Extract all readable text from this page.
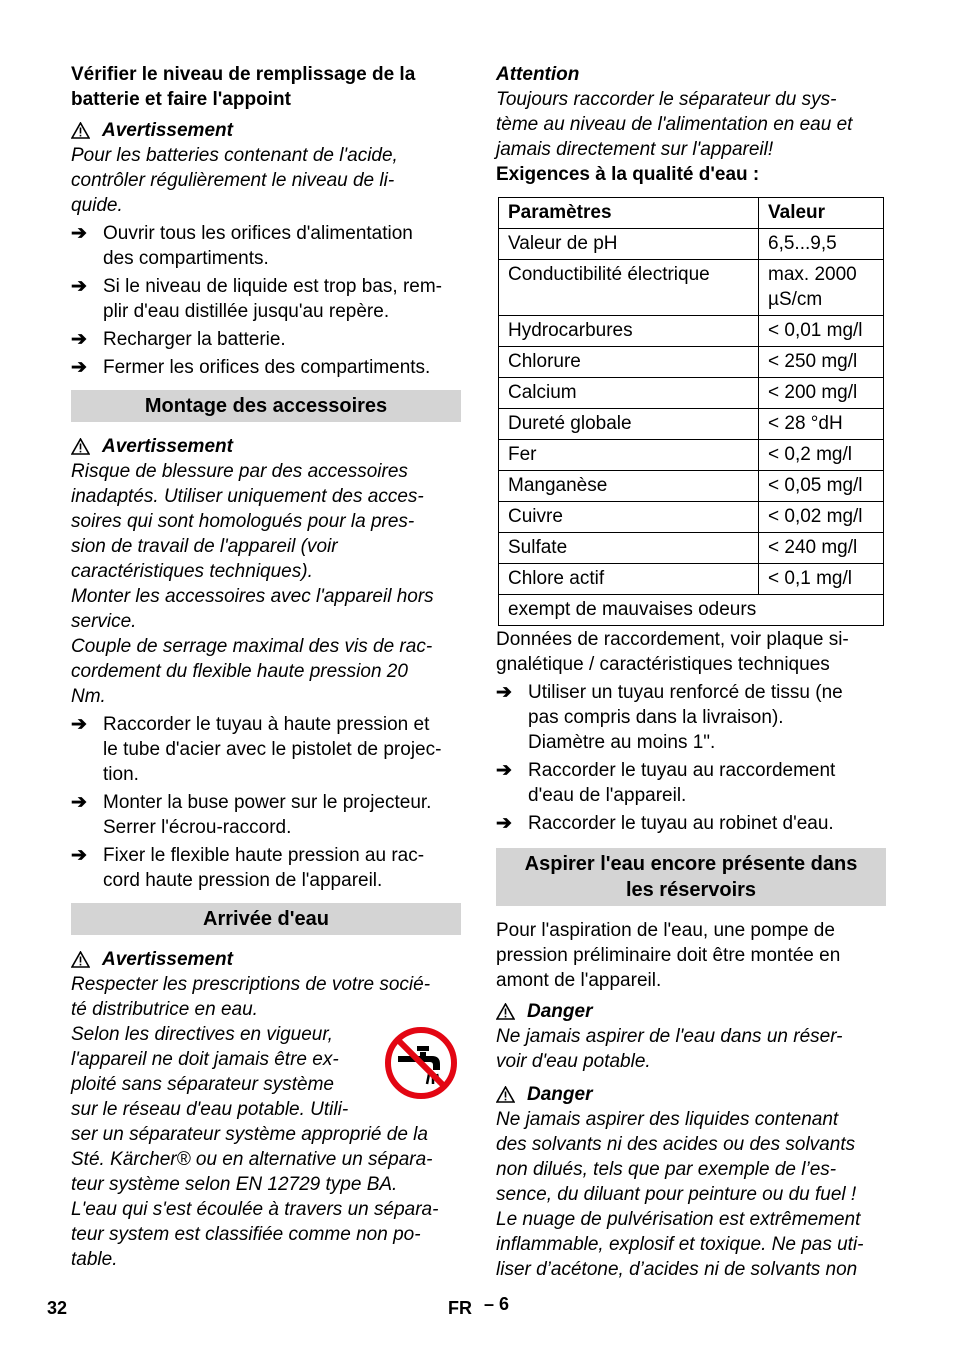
Vérifier le niveau de remplissage de la
batterie et faire l'appoint
Avertissement
Pour les batteries contenant de l'acide,
contrôler régulièrement le niveau de li-
quide.
➔ Ouvrir tous les orifices d'alimentation
des compartiments.
➔ Si le niveau de liquide est trop bas, rem-
plir d'eau distillée jusqu'au repère.
➔ Recharger la batterie.
➔ Fermer les orifices des compartiments.
Montage des accessoires
Avertissement
Risque de blessure par des accessoires
inadaptés. Utiliser uniquement des acces-
soires qui sont homologués pour la pres-
sion de travail de l'appareil (voir
caractéristiques techniques).
Monter les accessoires avec l'appareil hors
service.
Couple de serrage maximal des vis de rac-
cordement du flexible haute pression 20
Nm.
➔ Raccorder le tuyau à haute pression et
le tube d'acier avec le pistolet de projec-
tion.
➔ Monter la buse power sur le projecteur.
Serrer l'écrou-raccord.
➔ Fixer le flexible haute pression au rac-
cord haute pression de l'appareil.
Arrivée d'eau
Avertissement
Respecter les prescriptions de votre socié-
té distributrice en eau.
Selon les directives en vigueur,
l'appareil ne doit jamais être ex-
ploité sans séparateur système
sur le réseau d'eau potable. Utili-
ser un séparateur système approprié de la
Sté. Kärcher® ou en alternative un sépara-
teur système selon EN 12729 type BA.
L'eau qui s'est écoulée à travers un sépara-
teur system est classifiée comme non po-
table.
Attention
Toujours raccorder le séparateur du sys-
tème au niveau de l'alimentation en eau et
jamais directement sur l'appareil!
Exigences à la qualité d'eau :
Paramètres	Valeur
Valeur de pH	6,5...9,5
Conductibilité électrique	max. 2000 µS/cm
Hydrocarbures	< 0,01 mg/l
Chlorure	< 250 mg/l
Calcium	< 200 mg/l
Dureté globale	< 28 °dH
Fer	< 0,2 mg/l
Manganèse	< 0,05 mg/l
Cuivre	< 0,02 mg/l
Sulfate	< 240 mg/l
Chlore actif	< 0,1 mg/l
exempt de mauvaises odeurs	
Données de raccordement, voir plaque si-
gnalétique / caractéristiques techniques
➔ Utiliser un tuyau renforcé de tissu (ne
pas compris dans la livraison).
Diamètre au moins 1".
➔ Raccorder le tuyau au raccordement
d'eau de l'appareil.
➔ Raccorder le tuyau au robinet d'eau.
Aspirer l'eau encore présente dans
les réservoirs
Pour l'aspiration de l'eau, une pompe de
pression préliminaire doit être montée en
amont de l'appareil.
Danger
Ne jamais aspirer de l'eau dans un réser-
voir d'eau potable.
Danger
Ne jamais aspirer des liquides contenant
des solvants ni des acides ou des solvants
non dilués, tels que par exemple de l’es-
sence, du diluant pour peinture ou du fuel !
Le nuage de pulvérisation est extrêmement
inflammable, explosif et toxique. Ne pas uti-
liser d’acétone, d’acides ni de solvants non
32	FR – 6
